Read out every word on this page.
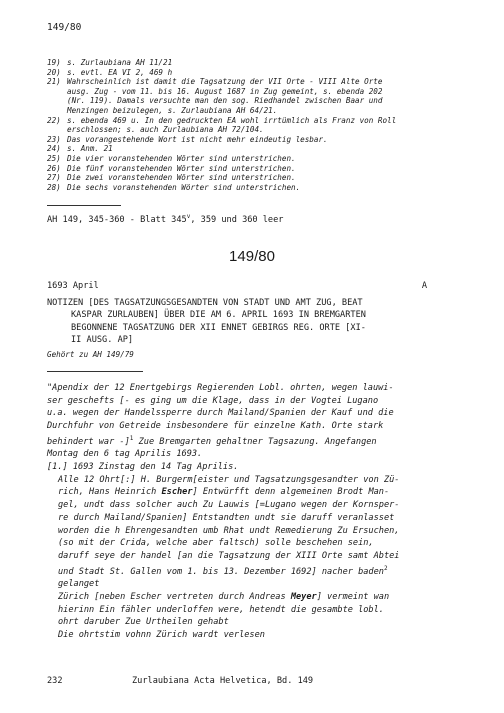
149/80
19) s. Zurlaubiana AH 11/21
20) s. evtl. EA VI 2, 469 h
21) Wahrscheinlich ist damit die Tagsatzung der VII Orte - VIII Alte Orte
ausg. Zug - vom 11. bis 16. August 1687 in Zug gemeint, s. ebenda 202
(Nr. 119). Damals versuchte man den sog. Riedhandel zwischen Baar und
Menzingen beizulegen, s. Zurlaubiana AH 64/21.
22) s. ebenda 469 u. In den gedruckten EA wohl irrtümlich als Franz von Roll
erschlossen; s. auch Zurlaubiana AH 72/104.
23) Das vorangestehende Wort ist nicht mehr eindeutig lesbar.
24) s. Anm. 21
25) Die vier voranstehenden Wörter sind unterstrichen.
26) Die fünf voranstehenden Wörter sind unterstrichen.
27) Die zwei voranstehenden Wörter sind unterstrichen.
28) Die sechs voranstehenden Wörter sind unterstrichen.
AH 149, 345-360 - Blatt 345$^v$, 359 und 360 leer
149/80
1693 April	A
NOTIZEN [DES TAGSATZUNGSGESANDTEN VON STADT UND AMT ZUG, BEAT
KASPAR ZURLAUBEN] ÜBER DIE AM 6. APRIL 1693 IN BREMGARTEN
BEGONNENE TAGSATZUNG DER XII ENNET GEBIRGS REG. ORTE [XI-
II AUSG. AP]
Gehört zu AH 149/79
"Apendix der 12 Enertgebirgs Regierenden Lobl. ohrten, wegen lauwi-
ser geschefts [- es ging um die Klage, dass in der Vogtei Lugano
u.a. wegen der Handelssperre durch Mailand/Spanien der Kauf und die
Durchfuhr von Getreide insbesondere für einzelne Kath. Orte stark
behindert war -]$^1$ Zue Bremgarten gehaltner Tagsazung. Angefangen
Montag den 6 tag Aprilis 1693.
[1.] 1693 Zinstag den 14 Tag Aprilis.
Alle 12 Ohrt[:] H. Burgerm[eister und Tagsatzungsgesandter von Zü-
rich, Hans Heinrich Escher] Entwürfft denn algemeinen Brodt Man-
gel, undt dass solcher auch Zu Lauwis [=Lugano wegen der Kornsper-
re durch Mailand/Spanien] Entstandten undt sie daruff veranlasset
worden die h Ehrengesandten umb Rhat undt Remedierung Zu Ersuchen,
(so mit der Crida, welche aber faltsch) solle beschehen sein,
daruff seye der handel [an die Tagsatzung der XIII Orte samt Abtei
und Stadt St. Gallen vom 1. bis 13. Dezember 1692] nacher baden$^2$
gelanget
Zürich [neben Escher vertreten durch Andreas Meyer] vermeint wan
hierinn Ein fähler underloffen were, hetendt die gesambte lobl.
ohrt daruber Zue Urtheilen gehabt
Die ohrtstim vohnn Zürich wardt verlesen
232	Zurlaubiana Acta Helvetica, Bd. 149
